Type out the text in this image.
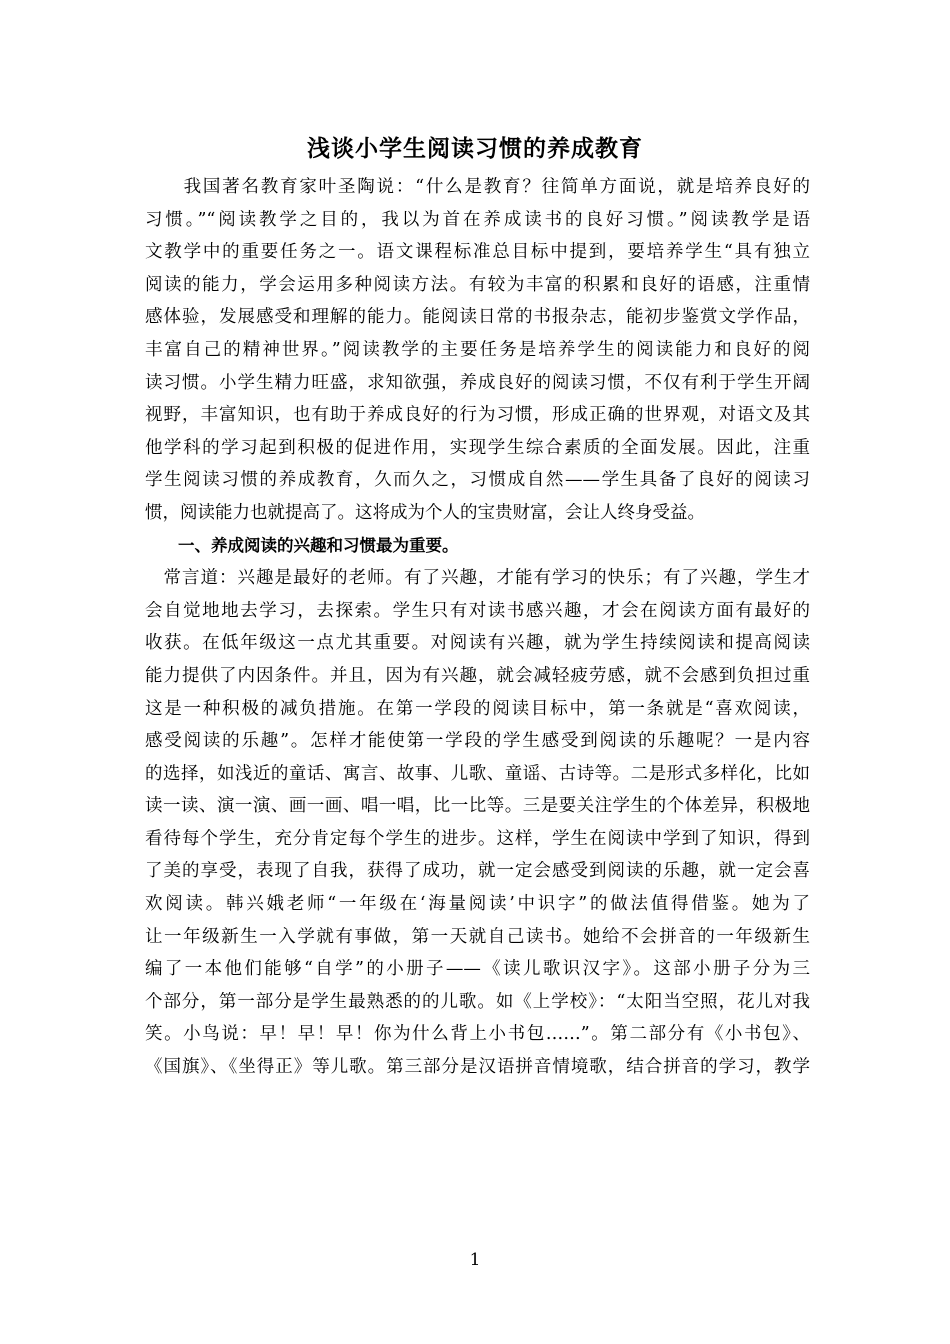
浅谈小学生阅读习惯的养成教育
　　我国著名教育家叶圣陶说：“什么是教育？往简单方面说，就是培养良好的
习惯。”“阅读教学之目的，我以为首在养成读书的良好习惯。”阅读教学是语
文教学中的重要任务之一。语文课程标准总目标中提到，要培养学生“具有独立
阅读的能力，学会运用多种阅读方法。有较为丰富的积累和良好的语感，注重情
感体验，发展感受和理解的能力。能阅读日常的书报杂志，能初步鉴赏文学作品，
丰富自己的精神世界。”阅读教学的主要任务是培养学生的阅读能力和良好的阅
读习惯。小学生精力旺盛，求知欲强，养成良好的阅读习惯，不仅有利于学生开阔
视野，丰富知识，也有助于养成良好的行为习惯，形成正确的世界观，对语文及其
他学科的学习起到积极的促进作用，实现学生综合素质的全面发展。因此，注重
学生阅读习惯的养成教育，久而久之，习惯成自然——学生具备了良好的阅读习
惯，阅读能力也就提高了。这将成为个人的宝贵财富，会让人终身受益。
　　一、养成阅读的兴趣和习惯最为重要。
　常言道：兴趣是最好的老师。有了兴趣，才能有学习的快乐；有了兴趣，学生才
会自觉地地去学习，去探索。学生只有对读书感兴趣，才会在阅读方面有最好的
收获。在低年级这一点尤其重要。对阅读有兴趣，就为学生持续阅读和提高阅读
能力提供了内因条件。并且，因为有兴趣，就会减轻疲劳感，就不会感到负担过重
这是一种积极的减负措施。在第一学段的阅读目标中，第一条就是“喜欢阅读，
感受阅读的乐趣”。怎样才能使第一学段的学生感受到阅读的乐趣呢？一是内容
的选择，如浅近的童话、寓言、故事、儿歌、童谣、古诗等。二是形式多样化，比如
读一读、演一演、画一画、唱一唱，比一比等。三是要关注学生的个体差异，积极地
看待每个学生，充分肯定每个学生的进步。这样，学生在阅读中学到了知识，得到
了美的享受，表现了自我，获得了成功，就一定会感受到阅读的乐趣，就一定会喜
欢阅读。韩兴娥老师“一年级在‘海量阅读’中识字”的做法值得借鉴。她为了
让一年级新生一入学就有事做，第一天就自己读书。她给不会拼音的一年级新生
编了一本他们能够“自学”的小册子——《读儿歌识汉字》。这部小册子分为三
个部分，第一部分是学生最熟悉的的儿歌。如《上学校》：“太阳当空照，花儿对我
笑。小鸟说：早！早！早！你为什么背上小书包……”。第二部分有《小书包》、
《国旗》、《坐得正》等儿歌。第三部分是汉语拼音情境歌，结合拼音的学习，教学
1
